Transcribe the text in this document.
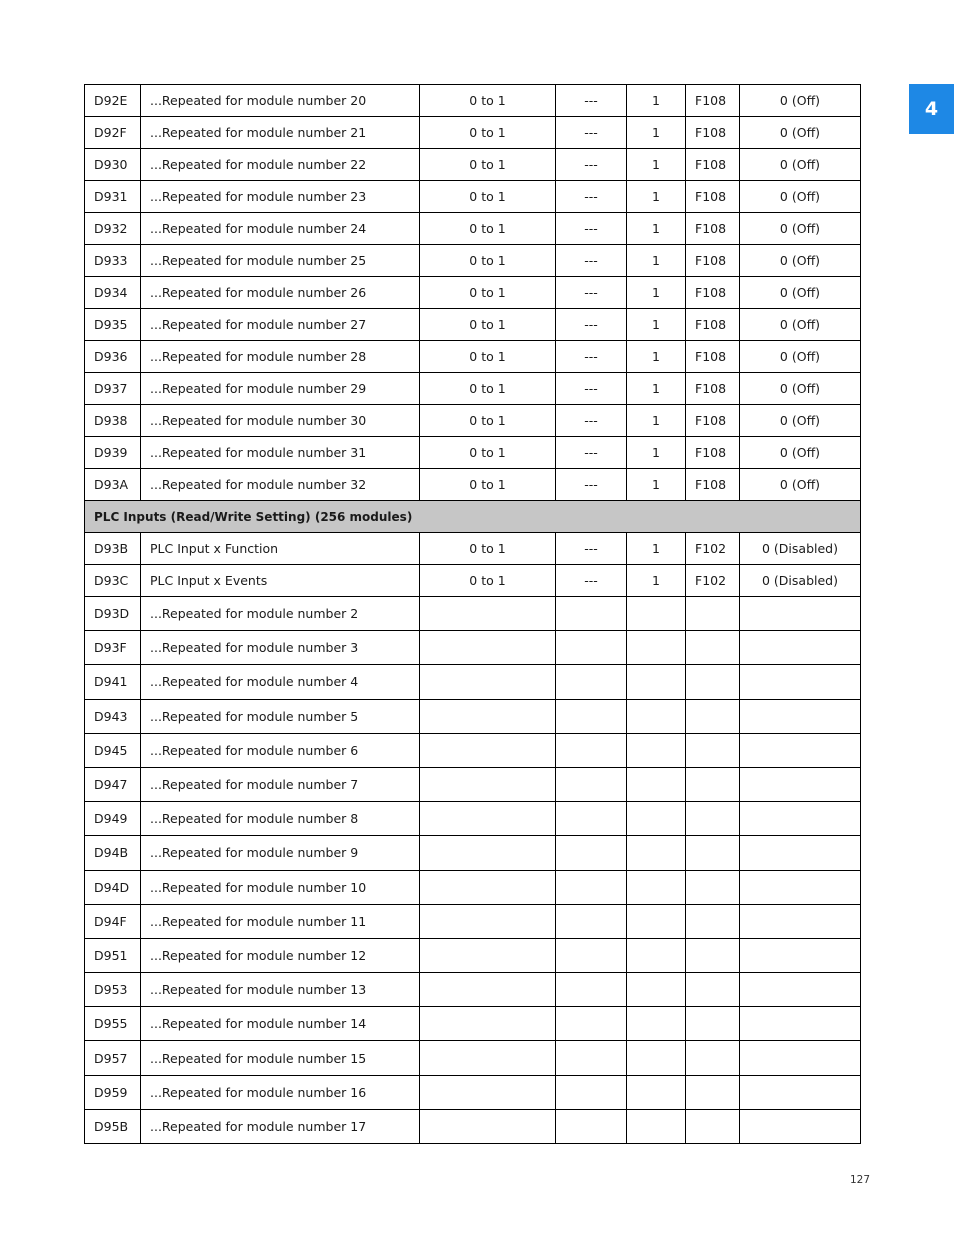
D92E	...Repeated for module number 20	0 to 1	---	1	F108	0 (Off)
D92F	...Repeated for module number 21	0 to 1	---	1	F108	0 (Off)
D930	...Repeated for module number 22	0 to 1	---	1	F108	0 (Off)
D931	...Repeated for module number 23	0 to 1	---	1	F108	0 (Off)
D932	...Repeated for module number 24	0 to 1	---	1	F108	0 (Off)
D933	...Repeated for module number 25	0 to 1	---	1	F108	0 (Off)
D934	...Repeated for module number 26	0 to 1	---	1	F108	0 (Off)
D935	...Repeated for module number 27	0 to 1	---	1	F108	0 (Off)
D936	...Repeated for module number 28	0 to 1	---	1	F108	0 (Off)
D937	...Repeated for module number 29	0 to 1	---	1	F108	0 (Off)
D938	...Repeated for module number 30	0 to 1	---	1	F108	0 (Off)
D939	...Repeated for module number 31	0 to 1	---	1	F108	0 (Off)
D93A	...Repeated for module number 32	0 to 1	---	1	F108	0 (Off)
PLC Inputs (Read/Write Setting) (256 modules)						
D93B	PLC Input x Function	0 to 1	---	1	F102	0 (Disabled)
D93C	PLC Input x Events	0 to 1	---	1	F102	0 (Disabled)
D93D	...Repeated for module number 2					
D93F	...Repeated for module number 3					
D941	...Repeated for module number 4					
D943	...Repeated for module number 5					
D945	...Repeated for module number 6					
D947	...Repeated for module number 7					
D949	...Repeated for module number 8					
D94B	...Repeated for module number 9					
D94D	...Repeated for module number 10					
D94F	...Repeated for module number 11					
D951	...Repeated for module number 12					
D953	...Repeated for module number 13					
D955	...Repeated for module number 14					
D957	...Repeated for module number 15					
D959	...Repeated for module number 16					
D95B	...Repeated for module number 17					
4
127
